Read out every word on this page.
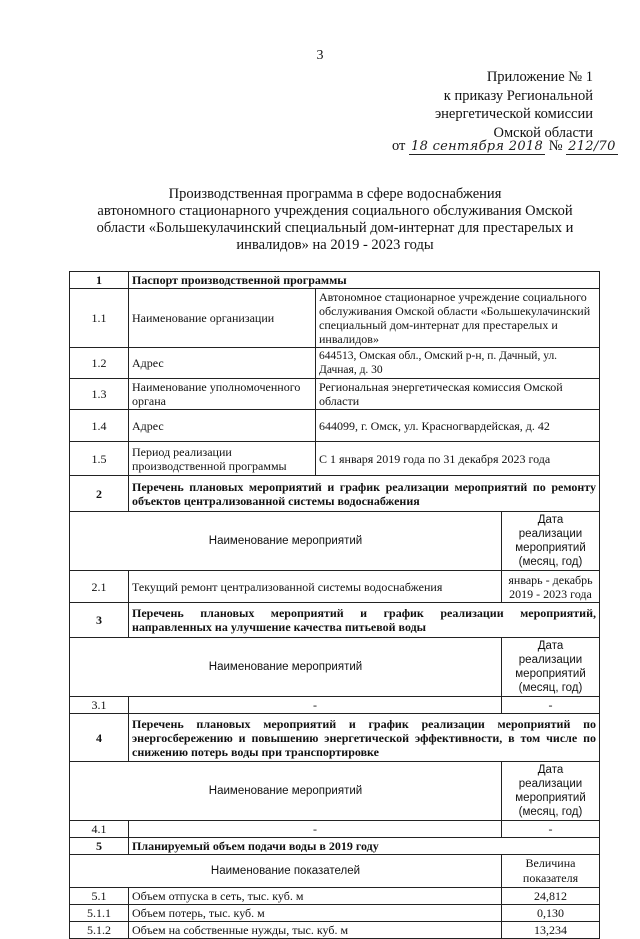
3
Приложение № 1
к приказу Региональной
энергетической комиссии
Омской области
от 18 сентября 2018 № 212/70
Производственная программа в сфере водоснабжения
автономного стационарного учреждения социального обслуживания Омской
области «Большекулачинский специальный дом-интернат для престарелых и
инвалидов» на 2019 - 2023 годы
1	Паспорт производственной программы		
1.1	Наименование организации	Автономное стационарное учреждение социального обслуживания Омской области «Большекулачинский специальный дом-интернат для престарелых и инвалидов»	
1.2	Адрес	644513, Омская обл., Омский р-н, п. Дачный, ул. Дачная, д. 30	
1.3	Наименование уполномоченного органа	Региональная энергетическая комиссия Омской области	
1.4	Адрес	644099, г. Омск, ул. Красногвардейская, д. 42	
1.5	Период реализации производственной программы	С 1 января 2019 года по 31 декабря 2023 года	
2	Перечень плановых мероприятий и график реализации мероприятий по ремонту объектов централизованной системы водоснабжения		
Наименование мероприятий			Дата реализации мероприятий (месяц, год)
2.1	Текущий ремонт централизованной системы водоснабжения		январь - декабрь 2019 - 2023 года
3	Перечень плановых мероприятий и график реализации мероприятий, направленных на улучшение качества питьевой воды		
Наименование мероприятий			Дата реализации мероприятий (месяц, год)
3.1	-		-
4	Перечень плановых мероприятий и график реализации мероприятий по энергосбережению и повышению энергетической эффективности, в том числе по снижению потерь воды при транспортировке		
Наименование мероприятий			Дата реализации мероприятий (месяц, год)
4.1	-		-
5	Планируемый объем подачи воды в 2019 году		
Наименование показателей			Величина показателя
5.1	Объем отпуска в сеть, тыс. куб. м		24,812
5.1.1	Объем потерь, тыс. куб. м		0,130
5.1.2	Объем на собственные нужды, тыс. куб. м		13,234
